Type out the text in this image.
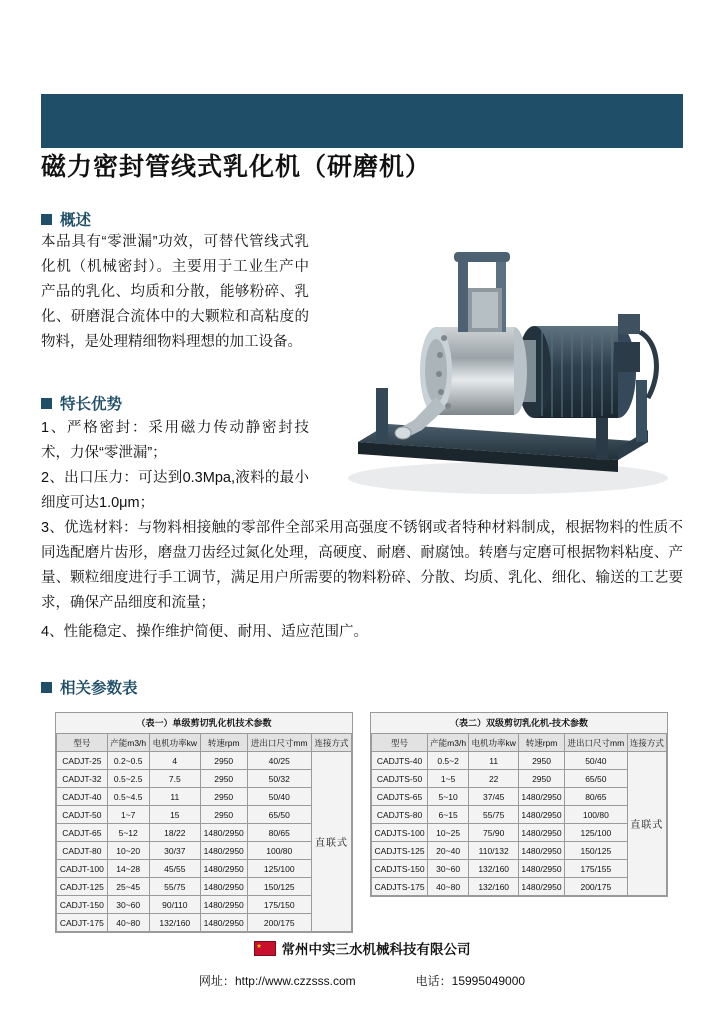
磁力密封管线式乳化机（研磨机）
概述
本品具有“零泄漏”功效，可替代管线式乳化机（机械密封）。主要用于工业生产中产品的乳化、均质和分散，能够粉碎、乳化、研磨混合流体中的大颗粒和高粘度的物料，是处理精细物料理想的加工设备。
特长优势
1、严格密封：采用磁力传动静密封技术，力保“零泄漏”；
2、出口压力：可达到0.3Mpa,液料的最小细度可达1.0μm；
3、优选材料：与物料相接触的零部件全部采用高强度不锈钢或者特种材料制成，根据物料的性质不同选配磨片齿形，磨盘刀齿经过氮化处理，高硬度、耐磨、耐腐蚀。转磨与定磨可根据物料粘度、产量、颗粒细度进行手工调节，满足用户所需要的物料粉碎、分散、均质、乳化、细化、输送的工艺要求，确保产品细度和流量；
4、性能稳定、操作维护简便、耐用、适应范围广。
相关参数表
（表一）单级剪切乳化机技术参数
型号	产能m3/h	电机功率kw	转速rpm	进出口尺寸mm	连接方式
CADJT-25	0.2~0.5	4	2950	40/25	直联式
CADJT-32	0.5~2.5	7.5	2950	50/32	
CADJT-40	0.5~4.5	11	2950	50/40	
CADJT-50	1~7	15	2950	65/50	
CADJT-65	5~12	18/22	1480/2950	80/65	
CADJT-80	10~20	30/37	1480/2950	100/80	
CADJT-100	14~28	45/55	1480/2950	125/100	
CADJT-125	25~45	55/75	1480/2950	150/125	
CADJT-150	30~60	90/110	1480/2950	175/150	
CADJT-175	40~80	132/160	1480/2950	200/175	
（表二）双级剪切乳化机-技术参数
型号	产能m3/h	电机功率kw	转速rpm	进出口尺寸mm	连接方式
CADJTS-40	0.5~2	11	2950	50/40	直联式
CADJTS-50	1~5	22	2950	65/50	
CADJTS-65	5~10	37/45	1480/2950	80/65	
CADJTS-80	6~15	55/75	1480/2950	100/80	
CADJTS-100	10~25	75/90	1480/2950	125/100	
CADJTS-125	20~40	110/132	1480/2950	150/125	
CADJTS-150	30~60	132/160	1480/2950	175/155	
CADJTS-175	40~80	132/160	1480/2950	200/175	
常州中实三水机械科技有限公司
网址：http://www.czzsss.com	电话：15995049000
